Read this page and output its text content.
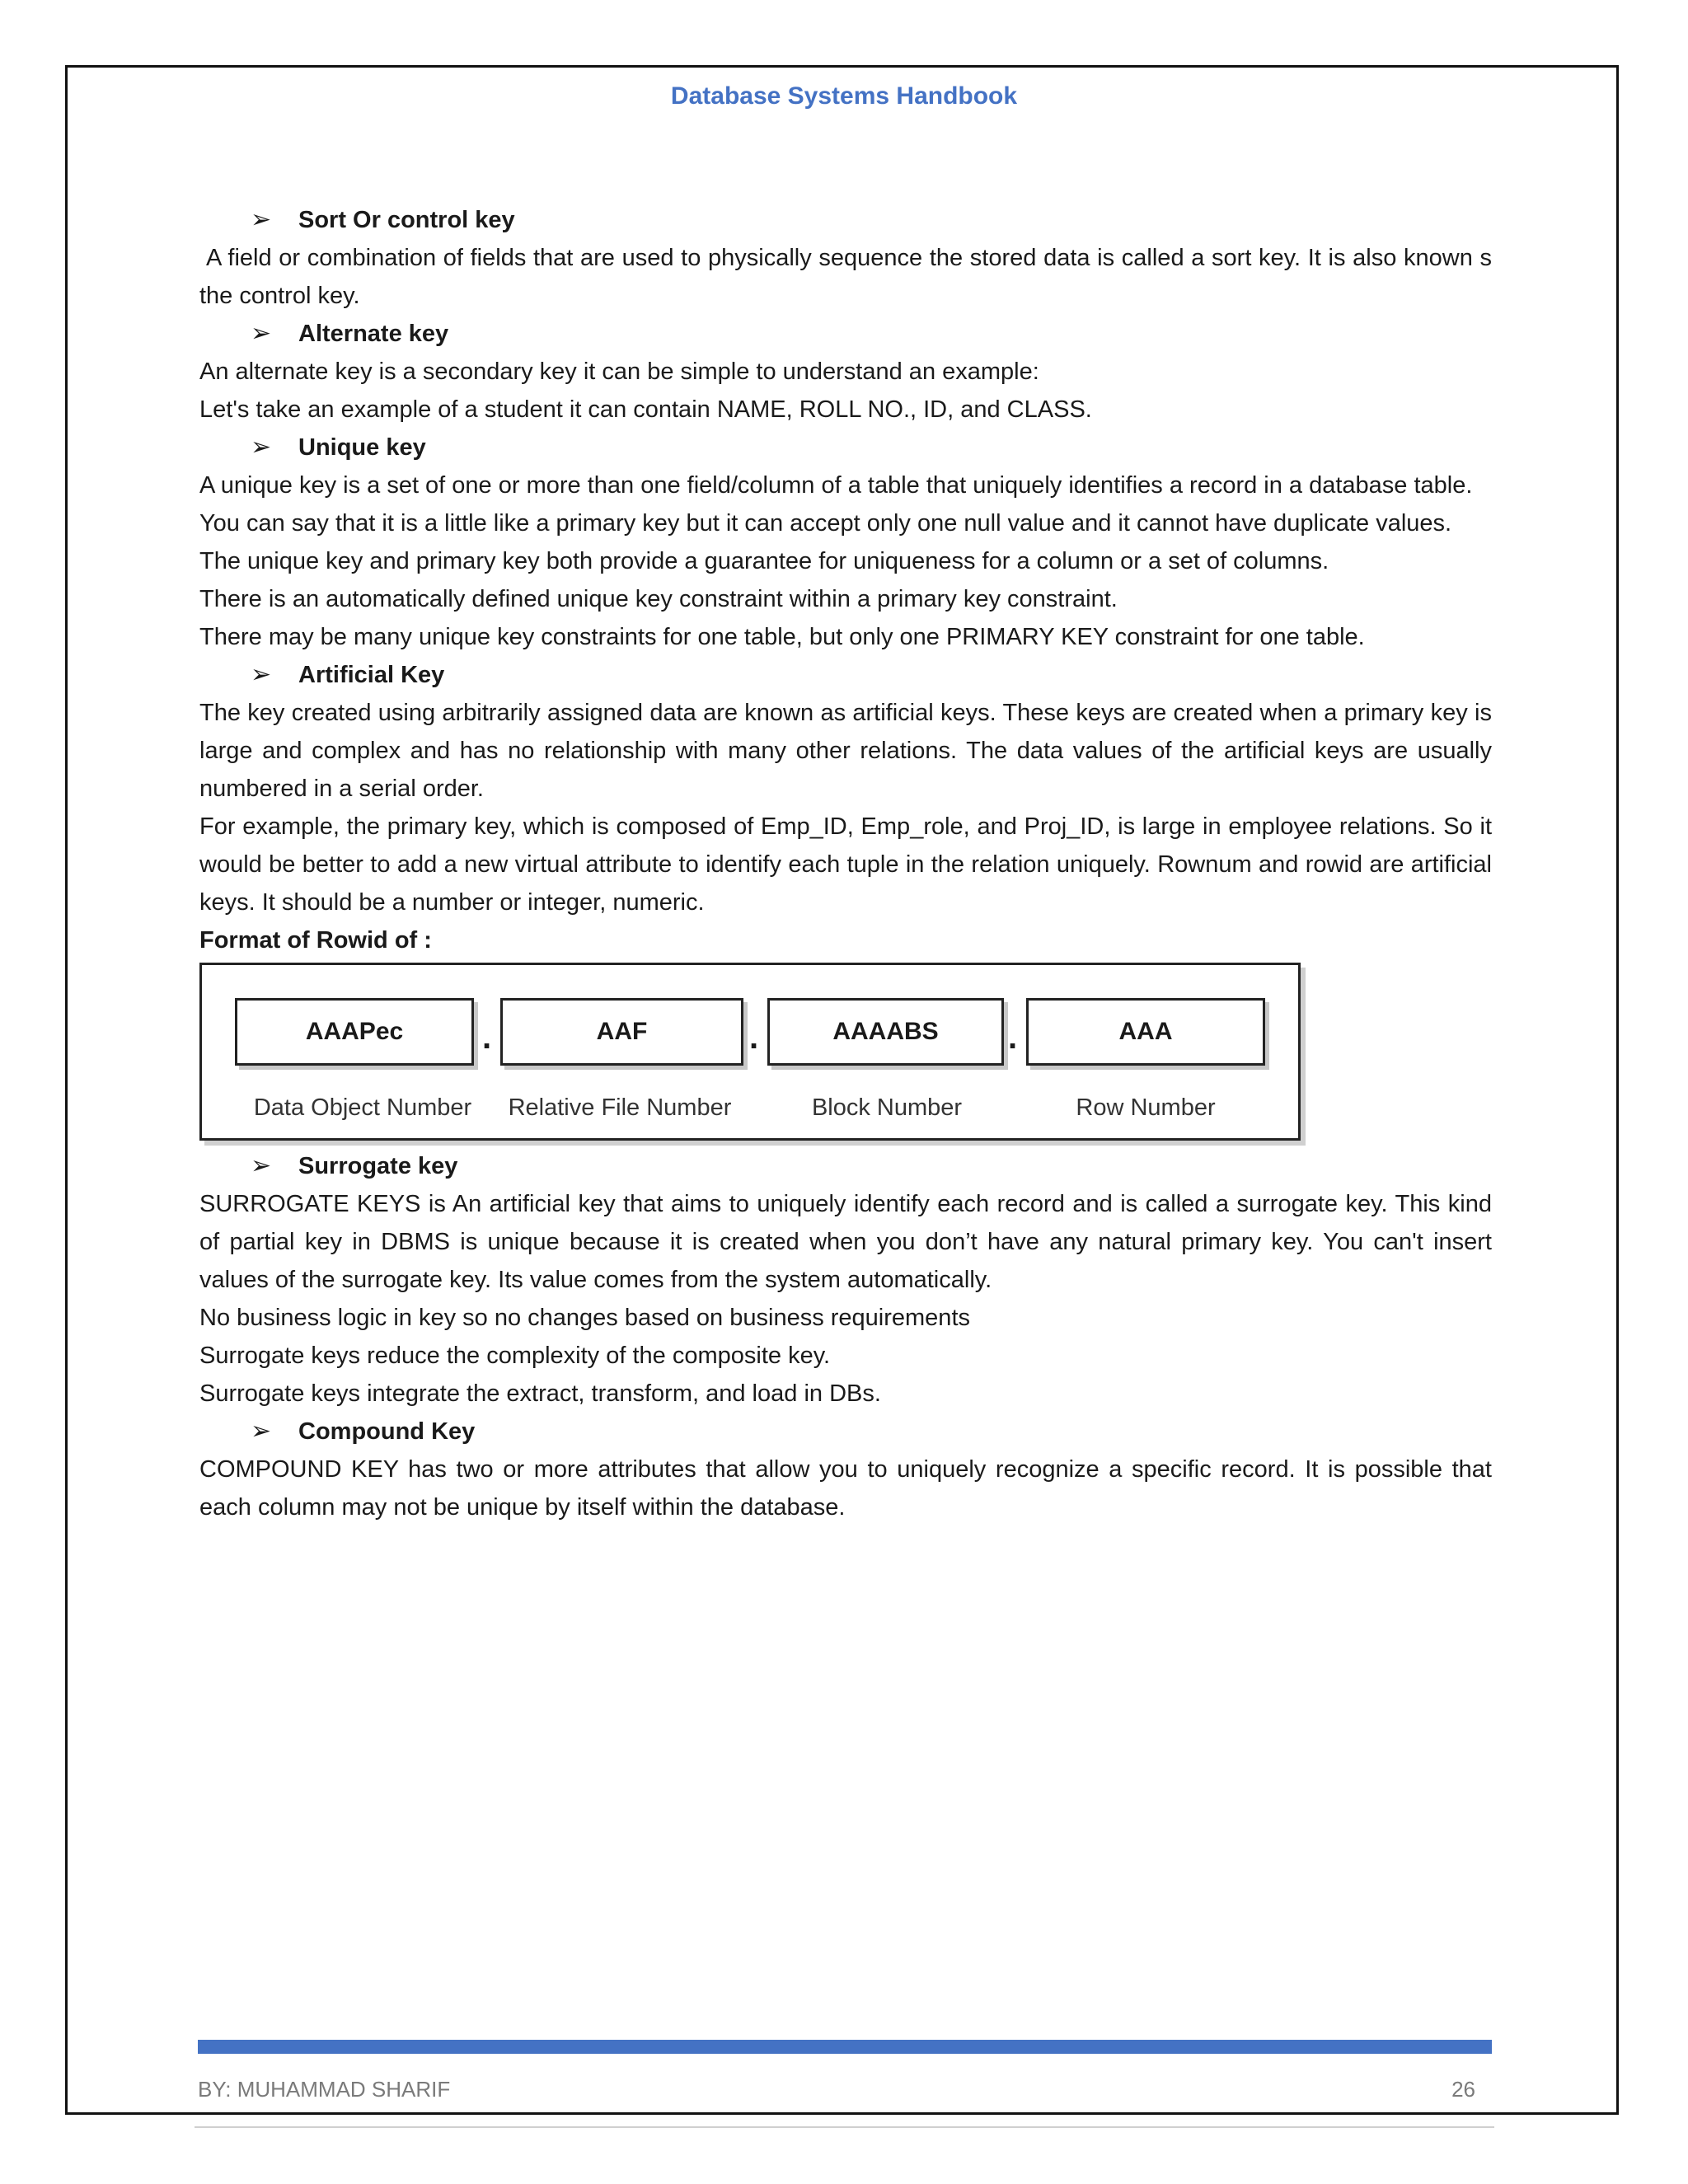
Database Systems Handbook
➢	Sort Or control key

A field or combination of fields that are used to physically sequence the stored data is called a sort key. It is also known s the control key.

➢	Alternate key

An alternate key is a secondary key it can be simple to understand an example:

Let's take an example of a student it can contain NAME, ROLL NO., ID, and CLASS.

➢	Unique key

A unique key is a set of one or more than one field/column of a table that uniquely identifies a record in a database table.

You can say that it is a little like a primary key but it can accept only one null value and it cannot have duplicate values.

The unique key and primary key both provide a guarantee for uniqueness for a column or a set of columns.

There is an automatically defined unique key constraint within a primary key constraint.

There may be many unique key constraints for one table, but only one PRIMARY KEY constraint for one table.

➢	Artificial Key

The key created using arbitrarily assigned data are known as artificial keys. These keys are created when a primary key is large and complex and has no relationship with many other relations. The data values of the artificial keys are usually numbered in a serial order.

For example, the primary key, which is composed of Emp_ID, Emp_role, and Proj_ID, is large in employee relations. So it would be better to add a new virtual attribute to identify each tuple in the relation uniquely. Rownum and rowid are artificial keys. It should be a number or integer, numeric.

Format of Rowid of :

AAAPec	.	AAF	.	AAAABS	.	AAA
Data Object Number	Relative File Number	Block Number	Row Number
➢	Surrogate key

SURROGATE KEYS is An artificial key that aims to uniquely identify each record and is called a surrogate key. This kind of partial key in DBMS is unique because it is created when you don’t have any natural primary key. You can't insert values of the surrogate key. Its value comes from the system automatically.

No business logic in key so no changes based on business requirements

Surrogate keys reduce the complexity of the composite key.

Surrogate keys integrate the extract, transform, and load in DBs.

➢	Compound Key

COMPOUND KEY has two or more attributes that allow you to uniquely recognize a specific record. It is possible that each column may not be unique by itself within the database.

BY: MUHAMMAD SHARIF	26
